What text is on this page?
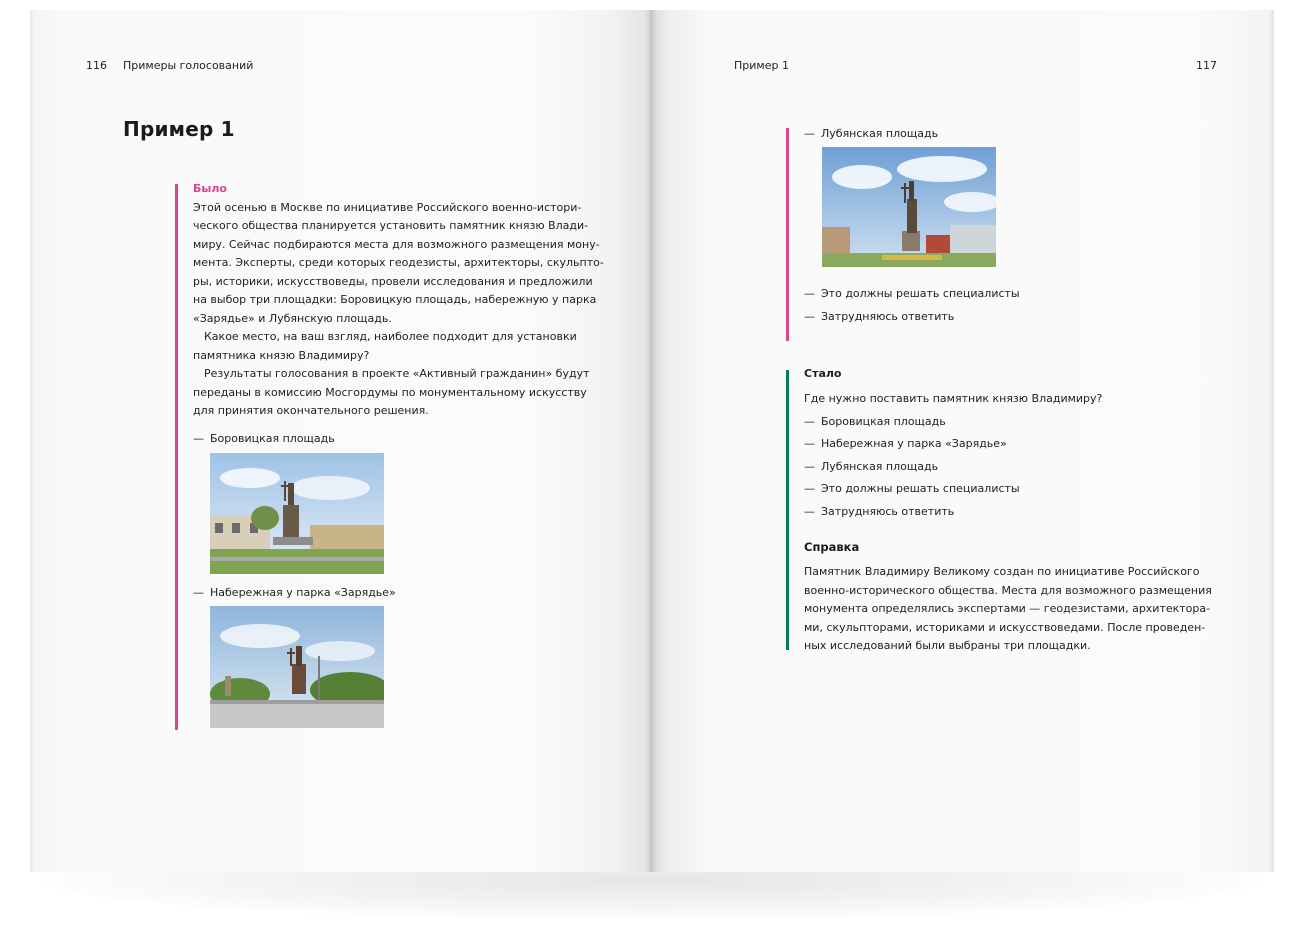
116 Примеры голосований
Пример 1
Было
Этой осенью в Москве по инициативе Российского военно-истори-
ческого общества планируется установить памятник князю Влади-
миру. Сейчас подбираются места для возможного размещения мону-
мента. Эксперты, среди которых геодезисты, архитекторы, скульпто-
ры, историки, искусствоведы, провели исследования и предложили
на выбор три площадки: Боровицкую площадь, набережную у парка
«Зарядье» и Лубянскую площадь.
Какое место, на ваш взгляд, наиболее подходит для установки
памятника князю Владимиру?
Результаты голосования в проекте «Активный гражданин» будут
переданы в комиссию Мосгордумы по монументальному искусству
для принятия окончательного решения.
— Боровицкая площадь
— Набережная у парка «Зарядье»
Пример 1	117
— Лубянская площадь
— Это должны решать специалисты
— Затрудняюсь ответить
Стало
Где нужно поставить памятник князю Владимиру?
— Боровицкая площадь
— Набережная у парка «Зарядье»
— Лубянская площадь
— Это должны решать специалисты
— Затрудняюсь ответить
Справка
Памятник Владимиру Великому создан по инициативе Российского
военно-исторического общества. Места для возможного размещения
монумента определялись экспертами — геодезистами, архитектора-
ми, скульпторами, историками и искусствоведами. После проведен-
ных исследований были выбраны три площадки.
